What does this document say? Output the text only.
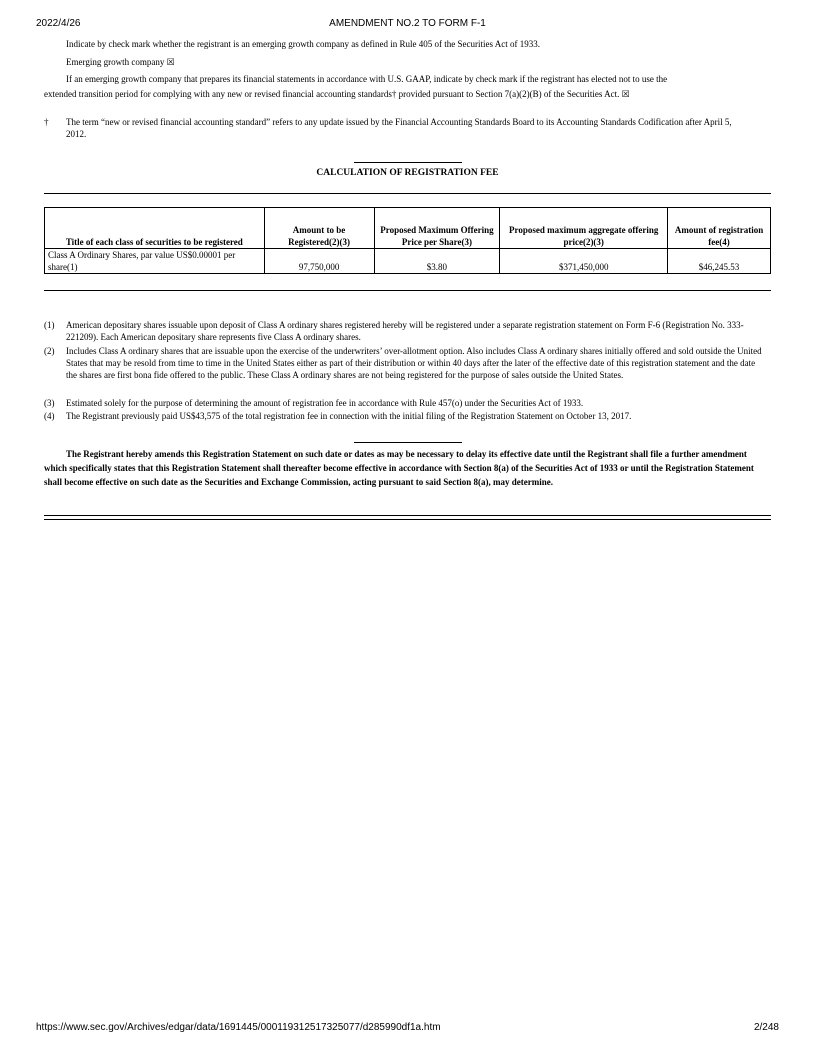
2022/4/26	AMENDMENT NO.2 TO FORM F-1
Indicate by check mark whether the registrant is an emerging growth company as defined in Rule 405 of the Securities Act of 1933.
Emerging growth company ☒
If an emerging growth company that prepares its financial statements in accordance with U.S. GAAP, indicate by check mark if the registrant has elected not to use the
extended transition period for complying with any new or revised financial accounting standards† provided pursuant to Section 7(a)(2)(B) of the Securities Act. ☒
† The term “new or revised financial accounting standard” refers to any update issued by the Financial Accounting Standards Board to its Accounting Standards Codification after April 5, 2012.
CALCULATION OF REGISTRATION FEE
Title of each class of securities to be registered	Amount to be Registered(2)(3)	Proposed Maximum Offering Price per Share(3)	Proposed maximum aggregate offering price(2)(3)	Amount of registration fee(4)
Class A Ordinary Shares, par value US$0.00001 per share(1)	97,750,000	$3.80	$371,450,000	$46,245.53
(1) American depositary shares issuable upon deposit of Class A ordinary shares registered hereby will be registered under a separate registration statement on Form F-6 (Registration No. 333-221209). Each American depositary share represents five Class A ordinary shares.
(2) Includes Class A ordinary shares that are issuable upon the exercise of the underwriters’ over-allotment option. Also includes Class A ordinary shares initially offered and sold outside the United States that may be resold from time to time in the United States either as part of their distribution or within 40 days after the later of the effective date of this registration statement and the date the shares are first bona fide offered to the public. These Class A ordinary shares are not being registered for the purpose of sales outside the United States.
(3) Estimated solely for the purpose of determining the amount of registration fee in accordance with Rule 457(o) under the Securities Act of 1933.
(4) The Registrant previously paid US$43,575 of the total registration fee in connection with the initial filing of the Registration Statement on October 13, 2017.
The Registrant hereby amends this Registration Statement on such date or dates as may be necessary to delay its effective date until the Registrant shall file a further amendment which specifically states that this Registration Statement shall thereafter become effective in accordance with Section 8(a) of the Securities Act of 1933 or until the Registration Statement shall become effective on such date as the Securities and Exchange Commission, acting pursuant to said Section 8(a), may determine.
https://www.sec.gov/Archives/edgar/data/1691445/000119312517325077/d285990df1a.htm	2/248
